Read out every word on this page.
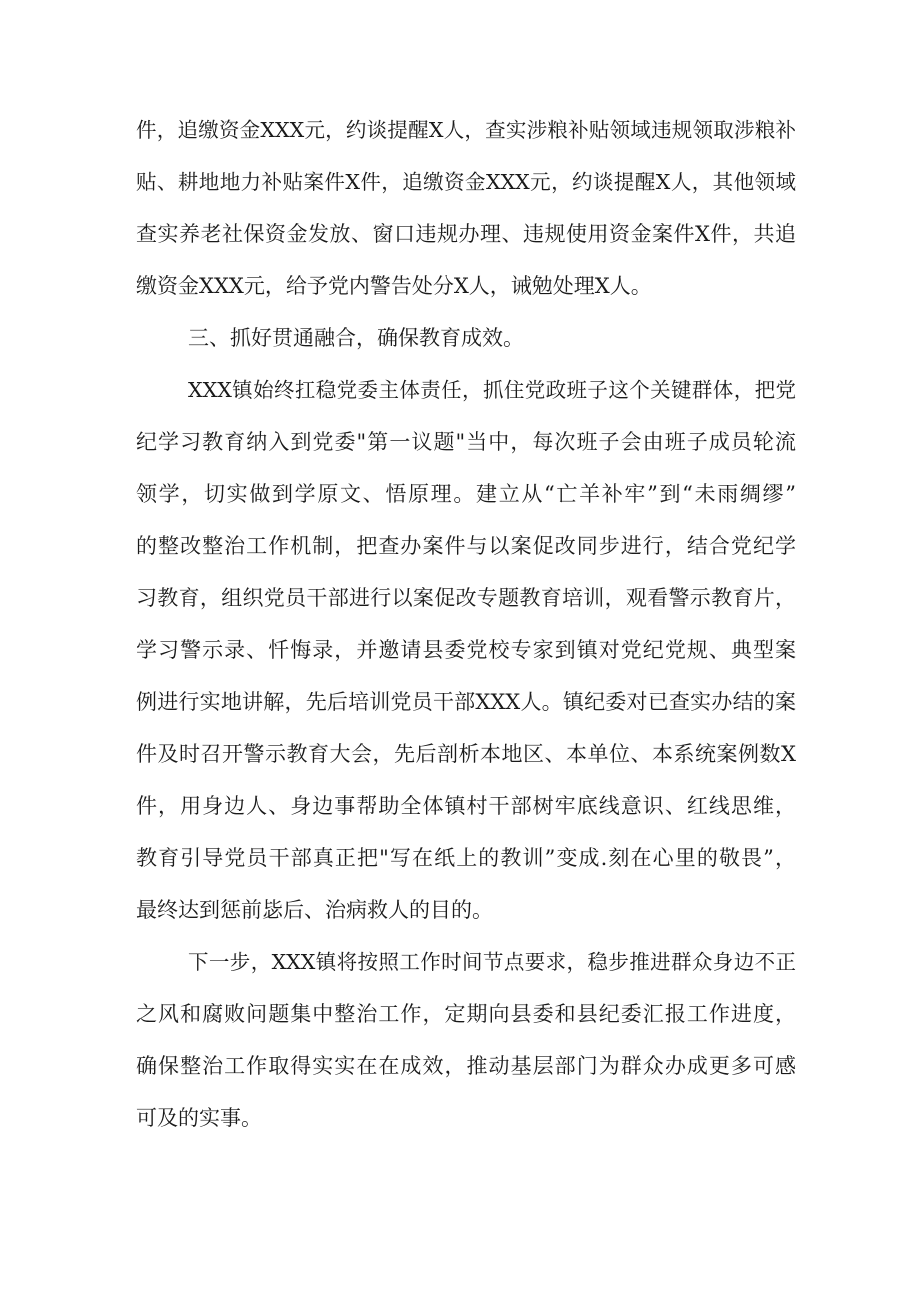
件，追缴资金XXX元，约谈提醒X人，查实涉粮补贴领域违规领取涉粮补
贴、耕地地力补贴案件X件，追缴资金XXX元，约谈提醒X人，其他领域
查实养老社保资金发放、窗口违规办理、违规使用资金案件X件，共追
缴资金XXX元，给予党内警告处分X人，诫勉处理X人。
三、抓好贯通融合，确保教育成效。
XXX镇始终扛稳党委主体责任，抓住党政班子这个关键群体，把党
纪学习教育纳入到党委"第一议题"当中，每次班子会由班子成员轮流
领学，切实做到学原文、悟原理。建立从“亡羊补牢”到“未雨绸缪”
的整改整治工作机制，把查办案件与以案促改同步进行，结合党纪学
习教育，组织党员干部进行以案促改专题教育培训，观看警示教育片，
学习警示录、忏悔录，并邀请县委党校专家到镇对党纪党规、典型案
例进行实地讲解，先后培训党员干部XXX人。镇纪委对已查实办结的案
件及时召开警示教育大会，先后剖析本地区、本单位、本系统案例数X
件，用身边人、身边事帮助全体镇村干部树牢底线意识、红线思维，
教育引导党员干部真正把"写在纸上的教训”变成.刻在心里的敬畏”，
最终达到惩前毖后、治病救人的目的。
下一步，XXX镇将按照工作时间节点要求，稳步推进群众身边不正
之风和腐败问题集中整治工作，定期向县委和县纪委汇报工作进度，
确保整治工作取得实实在在成效，推动基层部门为群众办成更多可感
可及的实事。
